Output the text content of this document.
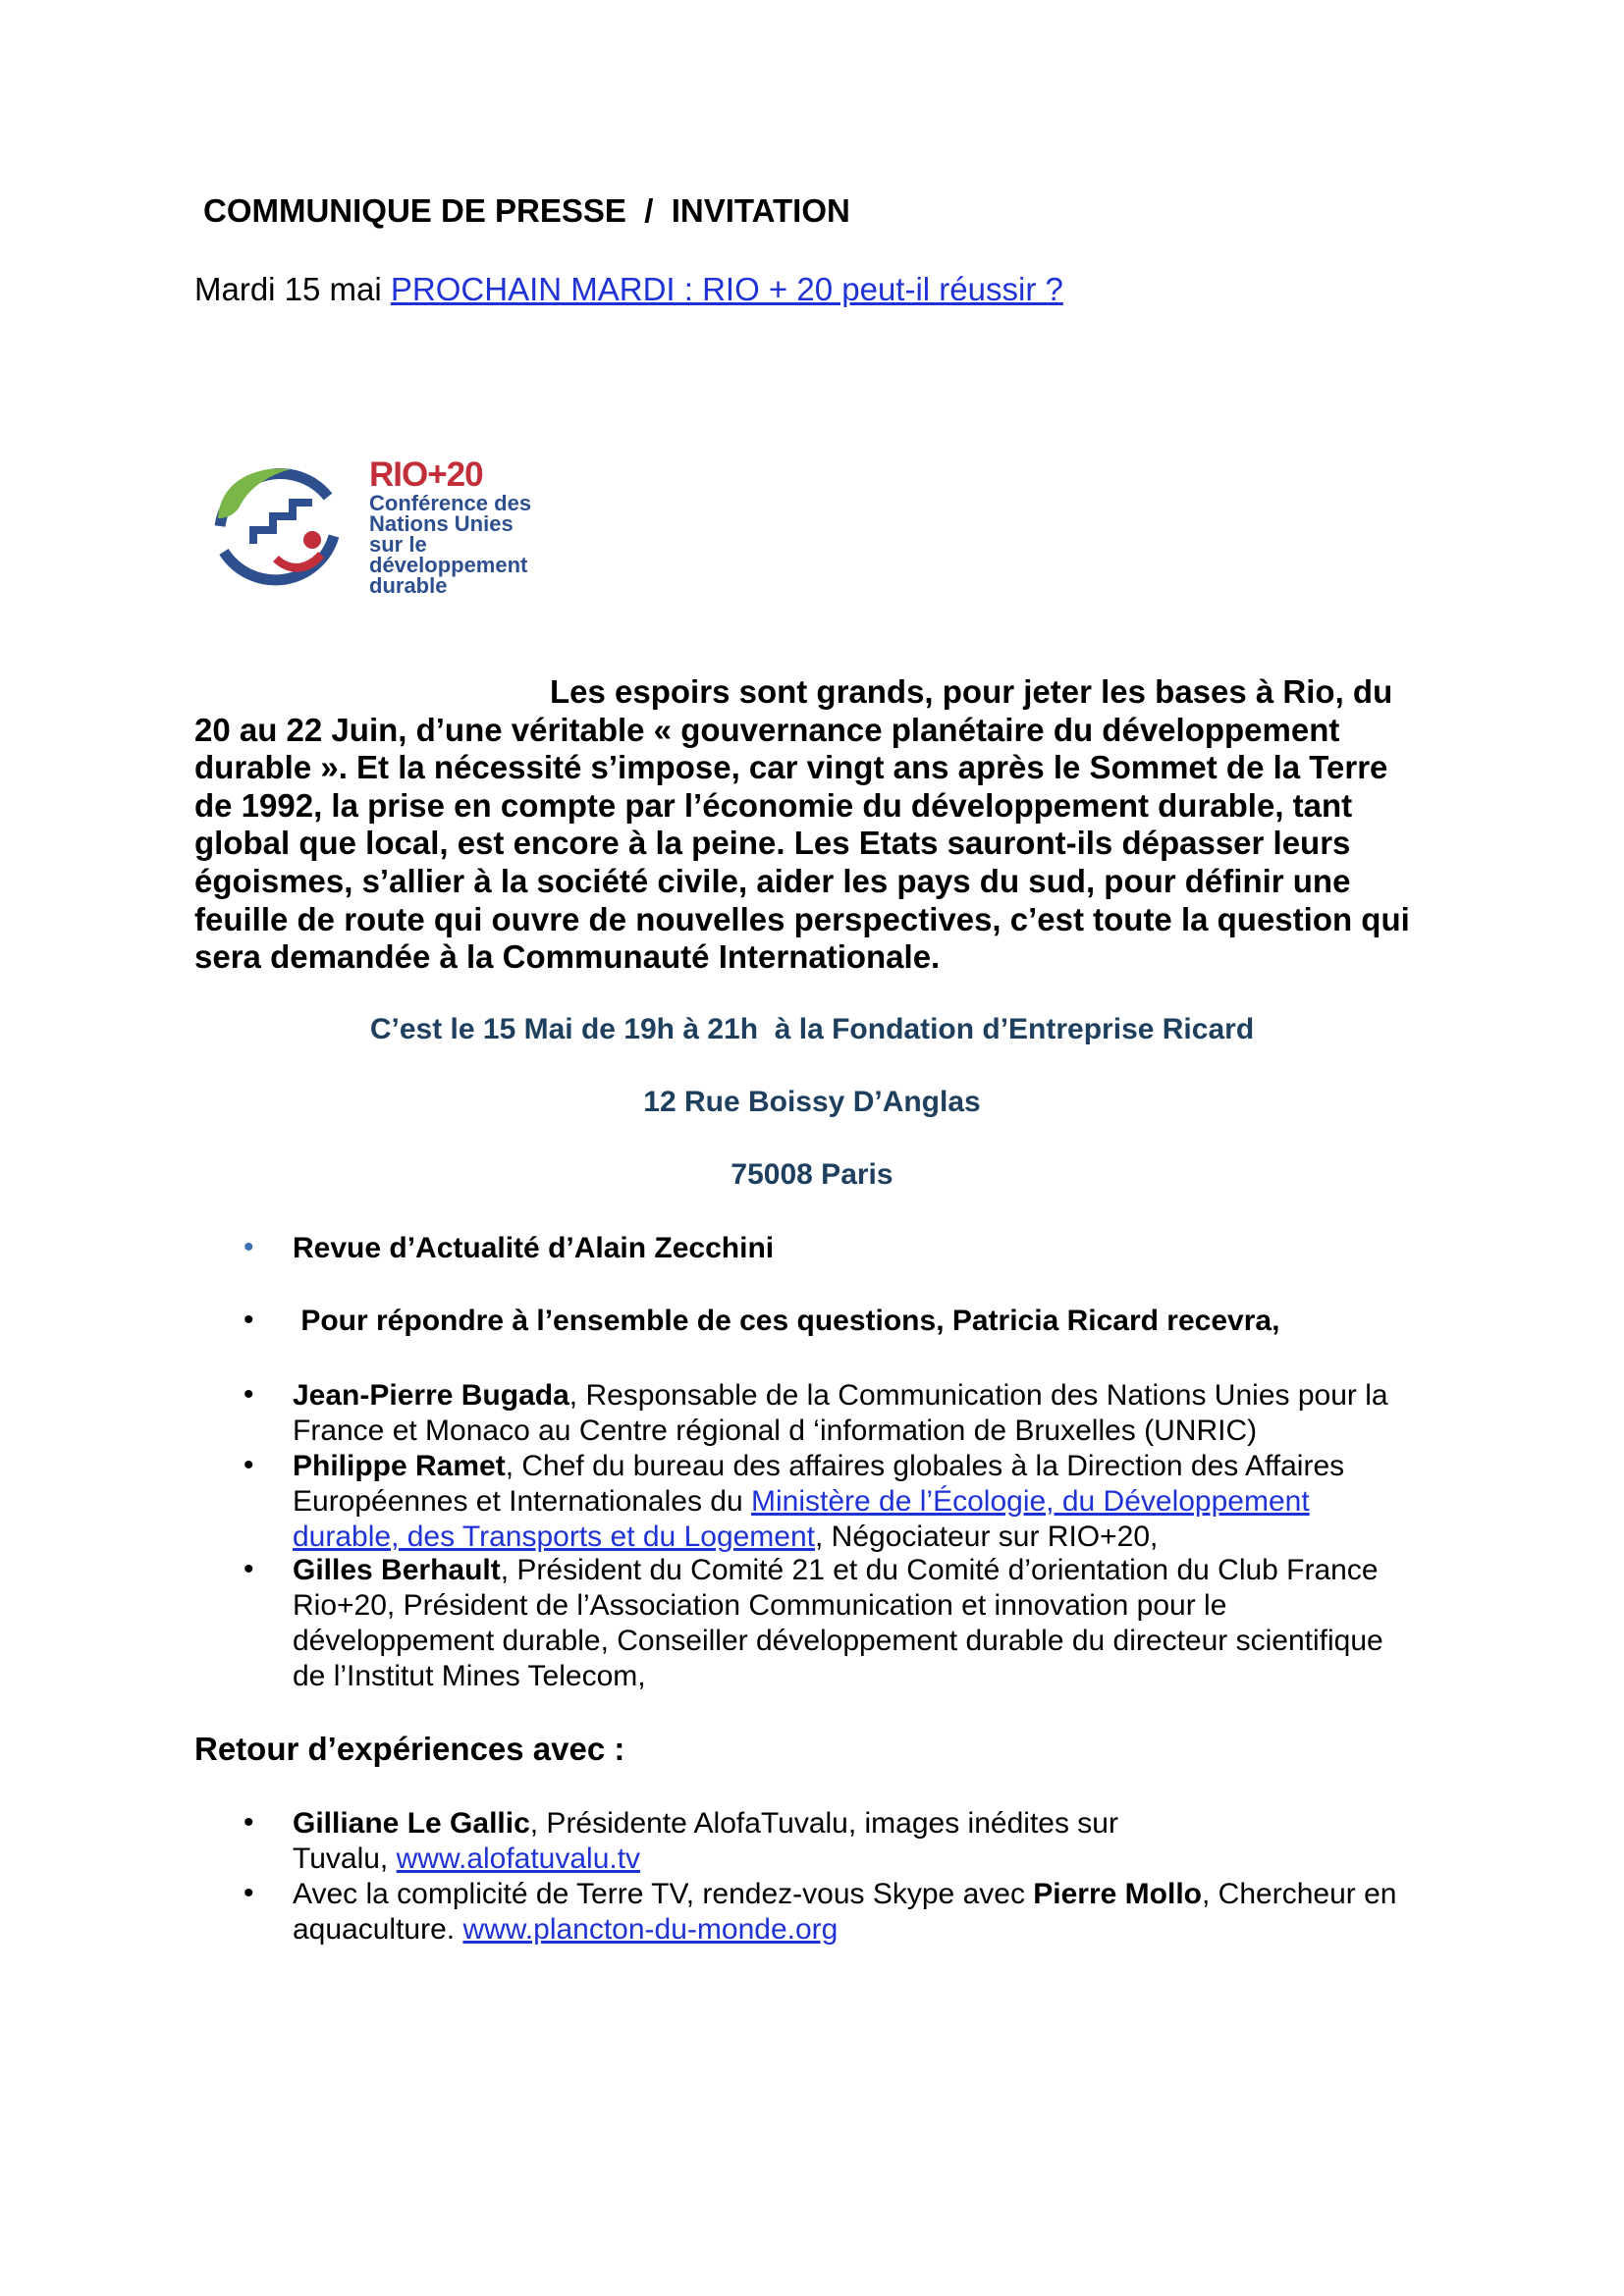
COMMUNIQUE DE PRESSE  /  INVITATION
Mardi 15 mai PROCHAIN MARDI : RIO + 20 peut-il réussir ?
RIO+20
Conférence des
Nations Unies
sur le
développement
durable
Les espoirs sont grands, pour jeter les bases à Rio, du
20 au 22 Juin, d’une véritable « gouvernance planétaire du développement
durable ». Et la nécessité s’impose, car vingt ans après le Sommet de la Terre
de 1992, la prise en compte par l’économie du développement durable, tant
global que local, est encore à la peine. Les Etats sauront-ils dépasser leurs
égoismes, s’allier à la société civile, aider les pays du sud, pour définir une
feuille de route qui ouvre de nouvelles perspectives, c’est toute la question qui
sera demandée à la Communauté Internationale.
C’est le 15 Mai de 19h à 21h  à la Fondation d’Entreprise Ricard
12 Rue Boissy D’Anglas
75008 Paris
• Revue d’Actualité d’Alain Zecchini
• Pour répondre à l’ensemble de ces questions, Patricia Ricard recevra,
• Jean-Pierre Bugada, Responsable de la Communication des Nations Unies pour la
France et Monaco au Centre régional d ‘information de Bruxelles (UNRIC)
• Philippe Ramet, Chef du bureau des affaires globales à la Direction des Affaires
Européennes et Internationales du Ministère de l’Écologie, du Développement
durable, des Transports et du Logement, Négociateur sur RIO+20,
• Gilles Berhault, Président du Comité 21 et du Comité d’orientation du Club France
Rio+20, Président de l’Association Communication et innovation pour le
développement durable, Conseiller développement durable du directeur scientifique
de l’Institut Mines Telecom,
Retour d’expériences avec :
• Gilliane Le Gallic, Présidente AlofaTuvalu, images inédites sur
Tuvalu, www.alofatuvalu.tv
• Avec la complicité de Terre TV, rendez-vous Skype avec Pierre Mollo, Chercheur en
aquaculture. www.plancton-du-monde.org
